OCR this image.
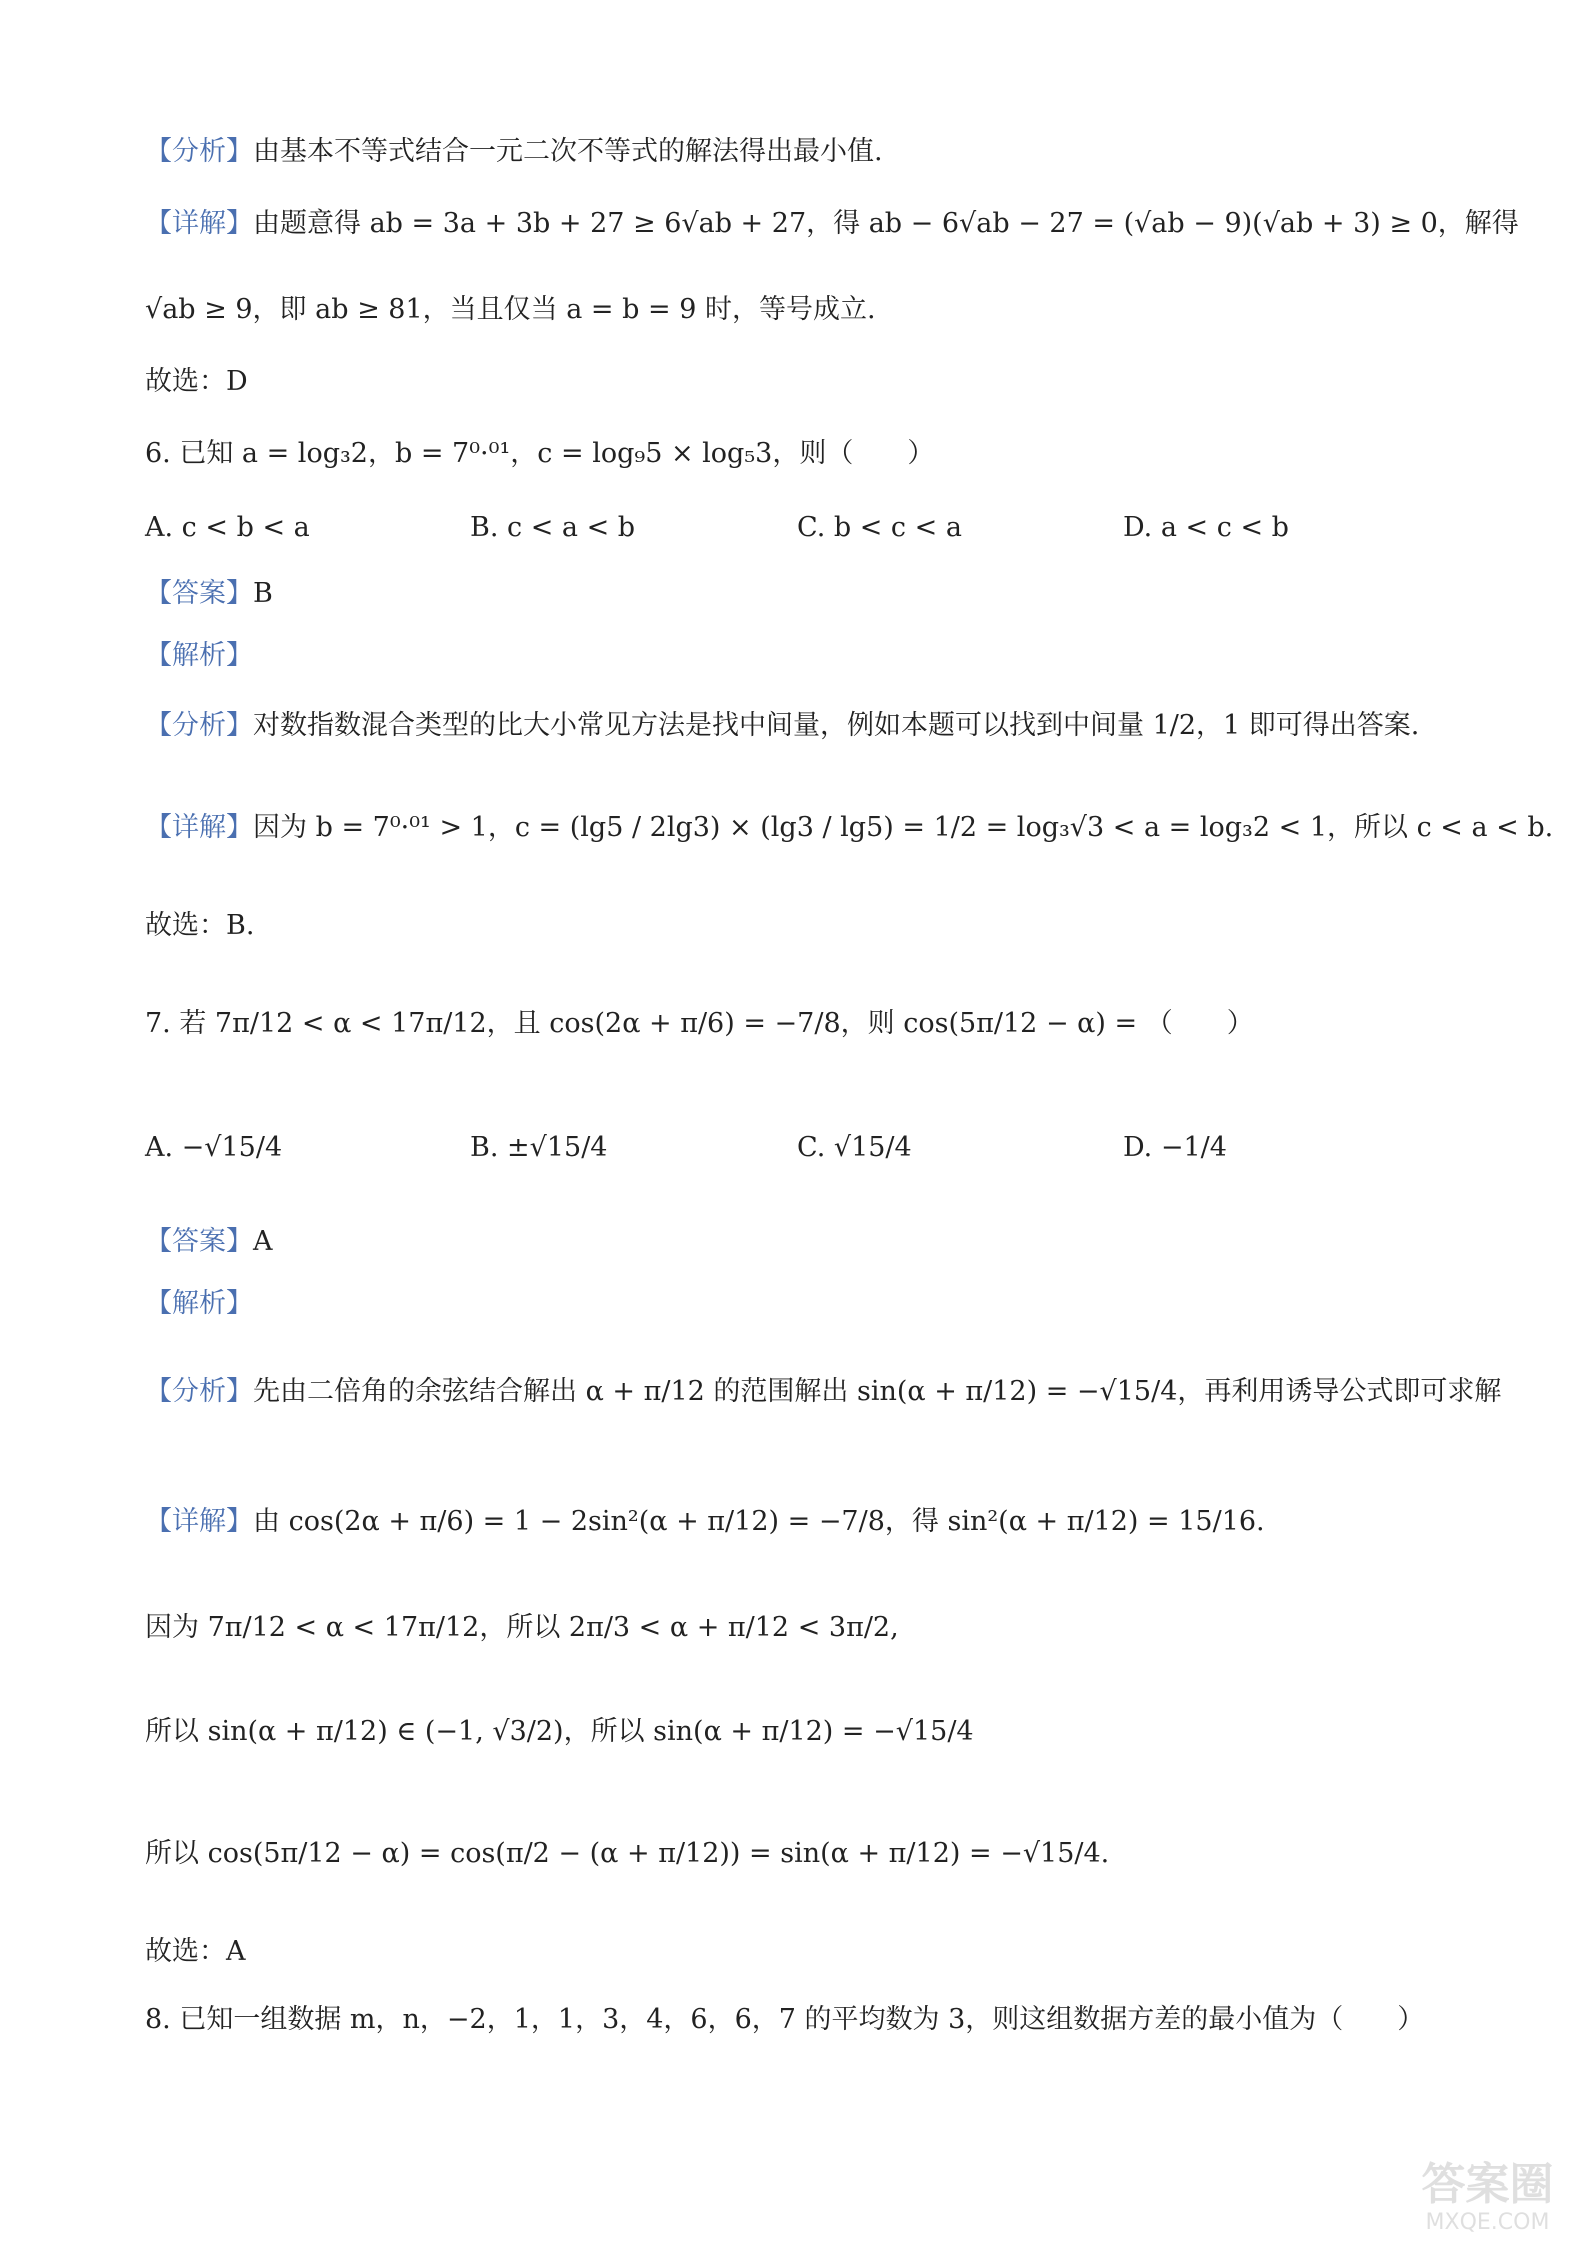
【分析】由基本不等式结合一元二次不等式的解法得出最小值.
【详解】由题意得 ab = 3a + 3b + 27 ≥ 6√ab + 27，得 ab − 6√ab − 27 = (√ab − 9)(√ab + 3) ≥ 0，解得
√ab ≥ 9，即 ab ≥ 81，当且仅当 a = b = 9 时，等号成立.
故选：D
6. 已知 a = log₃2，b = 7⁰·⁰¹，c = log₉5 × log₅3，则（　　）
【答案】B
【解析】
【分析】对数指数混合类型的比大小常见方法是找中间量，例如本题可以找到中间量 1/2，1 即可得出答案.
【详解】因为 b = 7⁰·⁰¹ > 1，c = (lg5 / 2lg3) × (lg3 / lg5) = 1/2 = log₃√3 < a = log₃2 < 1，所以 c < a < b.
故选：B.
7. 若 7π/12 < α < 17π/12，且 cos(2α + π/6) = −7/8，则 cos(5π/12 − α) = （　　）
【答案】A
【解析】
【分析】先由二倍角的余弦结合解出 α + π/12 的范围解出 sin(α + π/12) = −√15/4，再利用诱导公式即可求解
【详解】由 cos(2α + π/6) = 1 − 2sin²(α + π/12) = −7/8，得 sin²(α + π/12) = 15/16.
因为 7π/12 < α < 17π/12，所以 2π/3 < α + π/12 < 3π/2,
所以 sin(α + π/12) ∈ (−1, √3/2)，所以 sin(α + π/12) = −√15/4
所以 cos(5π/12 − α) = cos(π/2 − (α + π/12)) = sin(α + π/12) = −√15/4.
故选：A
8. 已知一组数据 m，n，−2，1，1，3，4，6，6，7 的平均数为 3，则这组数据方差的最小值为（　　）
A. c < b < a	B. c < a < b	C. b < c < a	D. a < c < b
A. −√15/4	B. ±√15/4	C. √15/4	D. −1/4
答案圈
MXQE.COM
